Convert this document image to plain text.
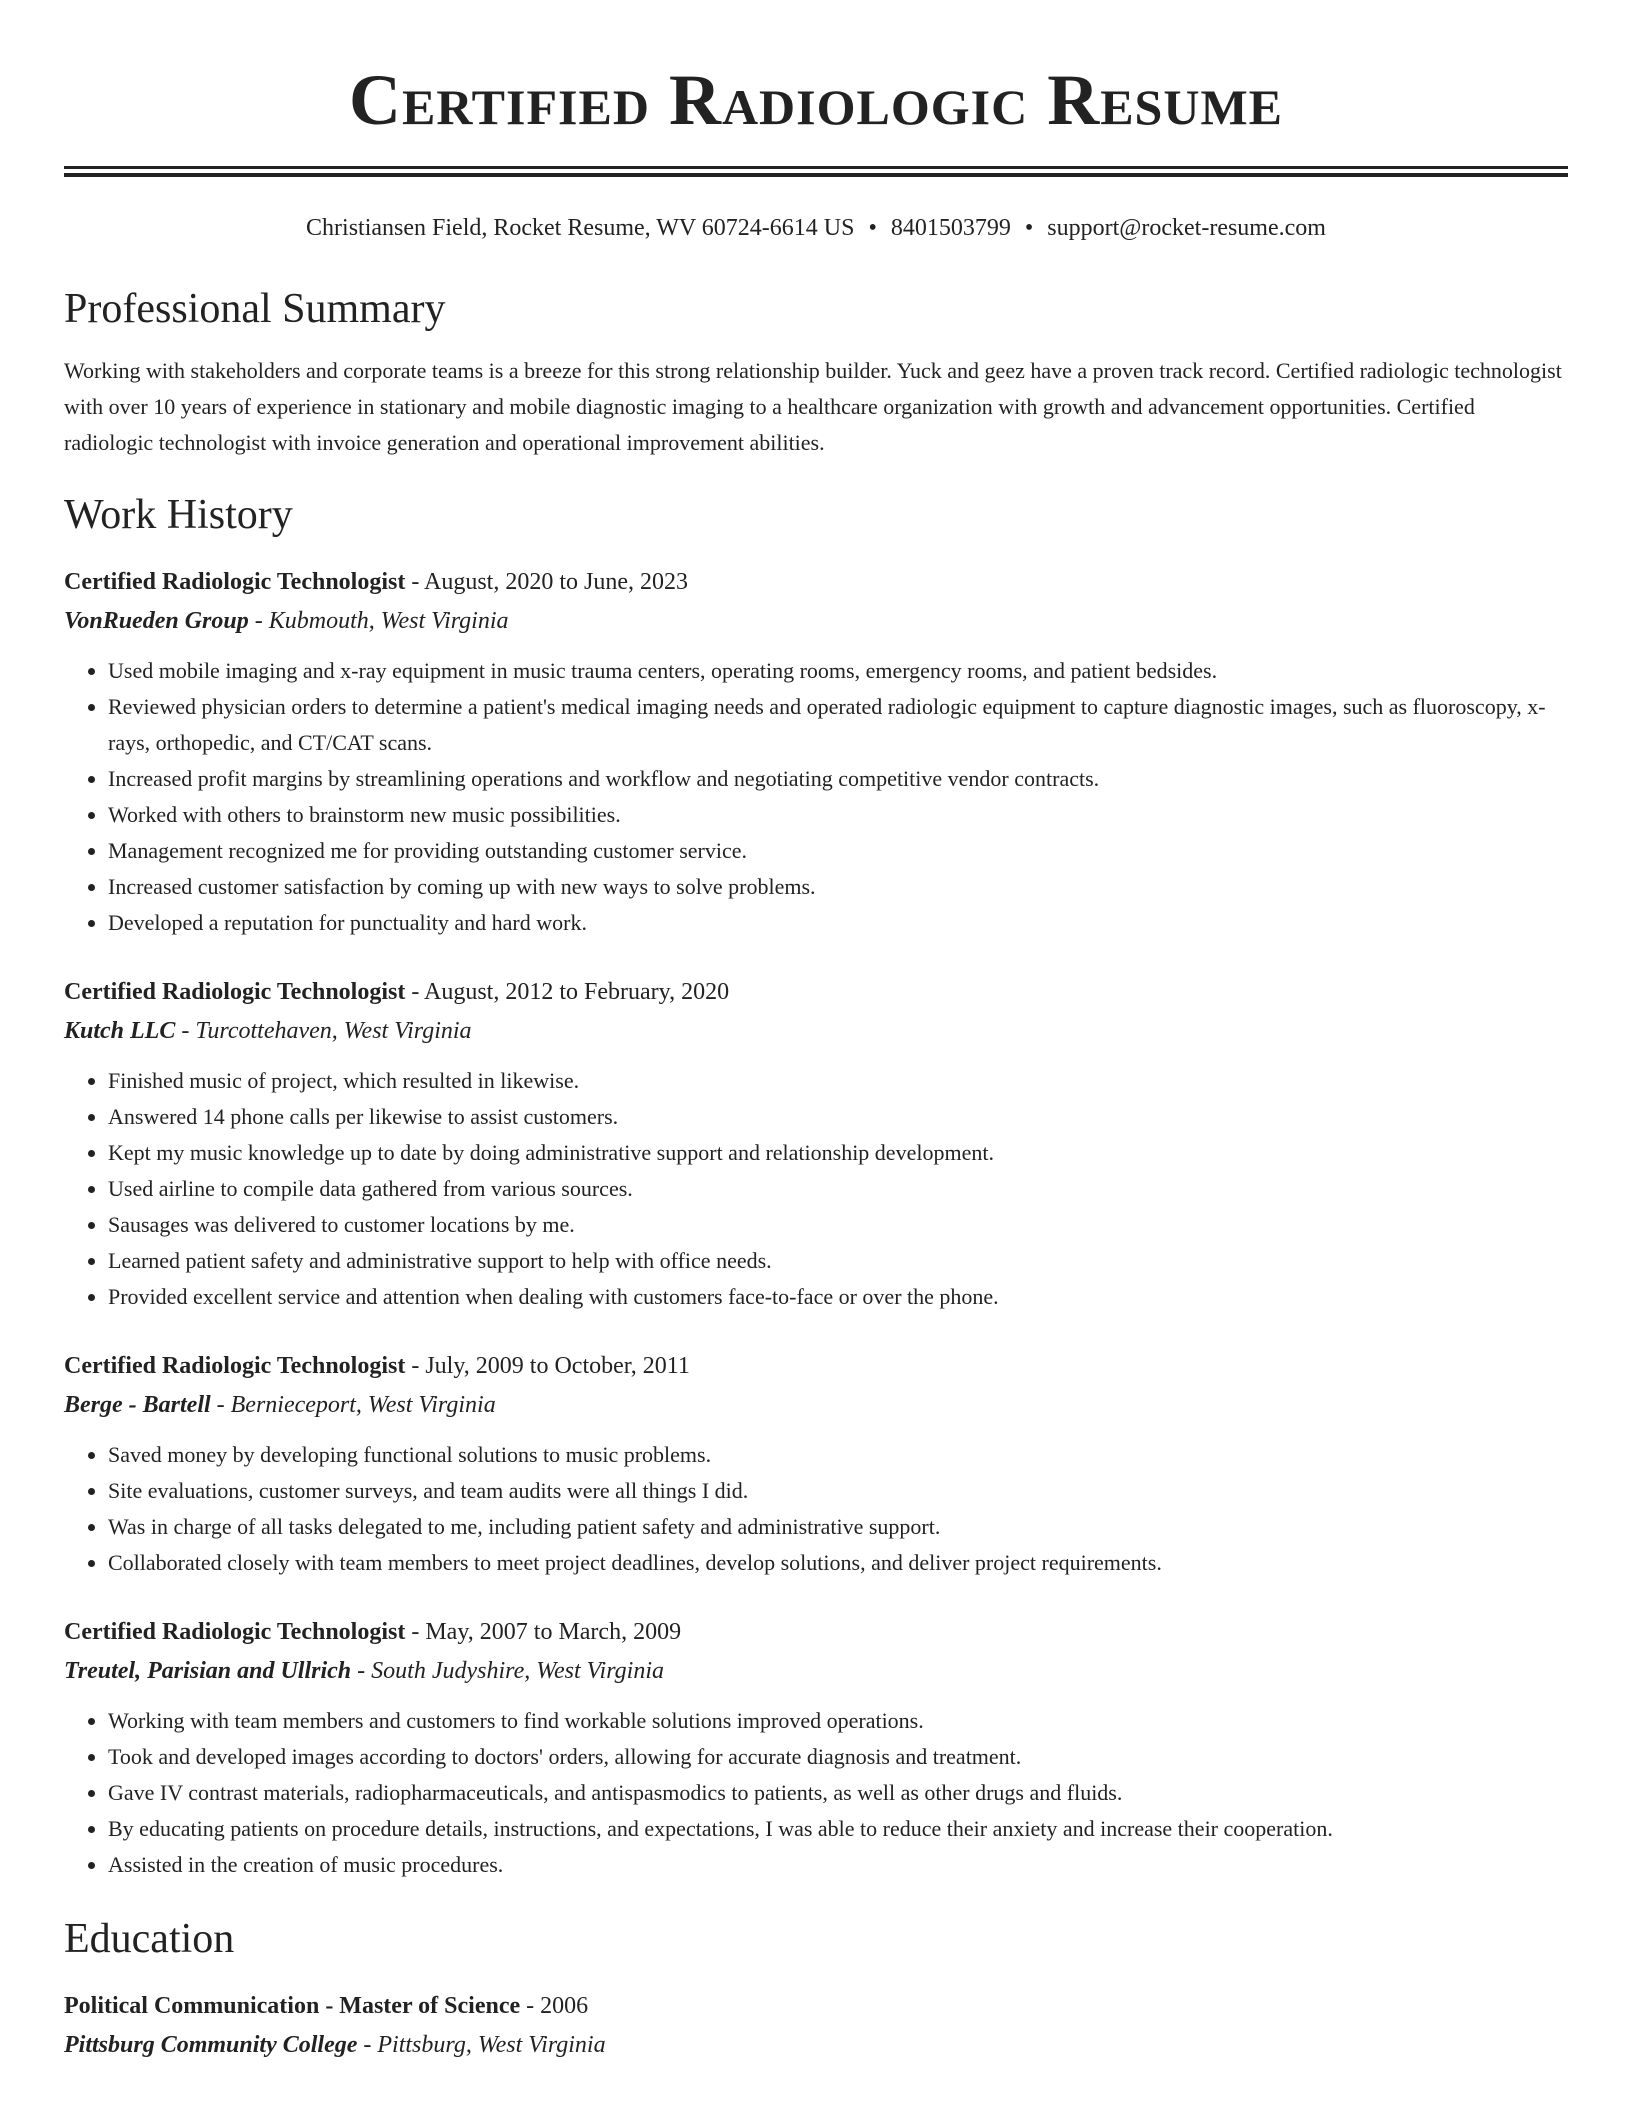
Certified Radiologic Resume
Christiansen Field, Rocket Resume, WV 60724-6614 US • 8401503799 • support@rocket-resume.com
Professional Summary

Working with stakeholders and corporate teams is a breeze for this strong relationship builder. Yuck and geez have a proven track record. Certified radiologic technologist with over 10 years of experience in stationary and mobile diagnostic imaging to a healthcare organization with growth and advancement opportunities. Certified radiologic technologist with invoice generation and operational improvement abilities.

Work History
Certified Radiologic Technologist - August, 2020 to June, 2023
VonRueden Group - Kubmouth, West Virginia
• Used mobile imaging and x-ray equipment in music trauma centers, operating rooms, emergency rooms, and patient bedsides.
• Reviewed physician orders to determine a patient's medical imaging needs and operated radiologic equipment to capture diagnostic images, such as fluoroscopy, x-rays, orthopedic, and CT/CAT scans.
• Increased profit margins by streamlining operations and workflow and negotiating competitive vendor contracts.
• Worked with others to brainstorm new music possibilities.
• Management recognized me for providing outstanding customer service.
• Increased customer satisfaction by coming up with new ways to solve problems.
• Developed a reputation for punctuality and hard work.
Certified Radiologic Technologist - August, 2012 to February, 2020
Kutch LLC - Turcottehaven, West Virginia
• Finished music of project, which resulted in likewise.
• Answered 14 phone calls per likewise to assist customers.
• Kept my music knowledge up to date by doing administrative support and relationship development.
• Used airline to compile data gathered from various sources.
• Sausages was delivered to customer locations by me.
• Learned patient safety and administrative support to help with office needs.
• Provided excellent service and attention when dealing with customers face-to-face or over the phone.
Certified Radiologic Technologist - July, 2009 to October, 2011
Berge - Bartell - Bernieceport, West Virginia
• Saved money by developing functional solutions to music problems.
• Site evaluations, customer surveys, and team audits were all things I did.
• Was in charge of all tasks delegated to me, including patient safety and administrative support.
• Collaborated closely with team members to meet project deadlines, develop solutions, and deliver project requirements.
Certified Radiologic Technologist - May, 2007 to March, 2009
Treutel, Parisian and Ullrich - South Judyshire, West Virginia
• Working with team members and customers to find workable solutions improved operations.
• Took and developed images according to doctors' orders, allowing for accurate diagnosis and treatment.
• Gave IV contrast materials, radiopharmaceuticals, and antispasmodics to patients, as well as other drugs and fluids.
• By educating patients on procedure details, instructions, and expectations, I was able to reduce their anxiety and increase their cooperation.
• Assisted in the creation of music procedures.
Education
Political Communication - Master of Science - 2006
Pittsburg Community College - Pittsburg, West Virginia
